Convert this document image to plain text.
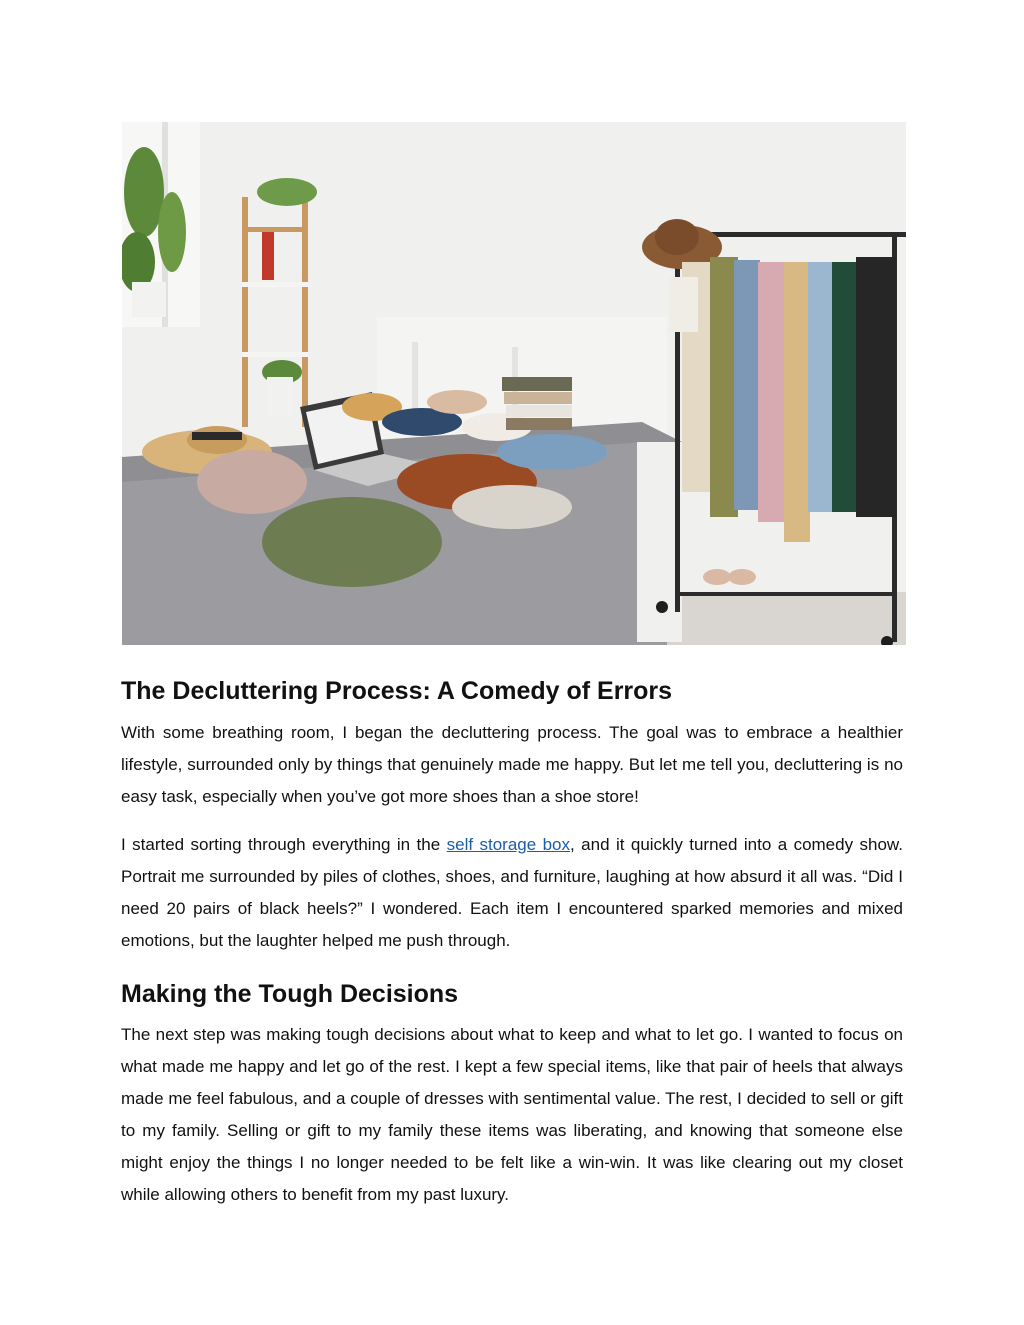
The Decluttering Process: A Comedy of Errors

With some breathing room, I began the decluttering process. The goal was to embrace a healthier lifestyle, surrounded only by things that genuinely made me happy. But let me tell you, decluttering is no easy task, especially when you’ve got more shoes than a shoe store!

I started sorting through everything in the self storage box, and it quickly turned into a comedy show. Portrait me surrounded by piles of clothes, shoes, and furniture, laughing at how absurd it all was. “Did I need 20 pairs of black heels?” I wondered. Each item I encountered sparked memories and mixed emotions, but the laughter helped me push through.

Making the Tough Decisions

The next step was making tough decisions about what to keep and what to let go. I wanted to focus on what made me happy and let go of the rest. I kept a few special items, like that pair of heels that always made me feel fabulous, and a couple of dresses with sentimental value. The rest, I decided to sell or gift to my family. Selling or gift to my family these items was liberating, and knowing that someone else might enjoy the things I no longer needed to be felt like a win-win. It was like clearing out my closet while allowing others to benefit from my past luxury.
